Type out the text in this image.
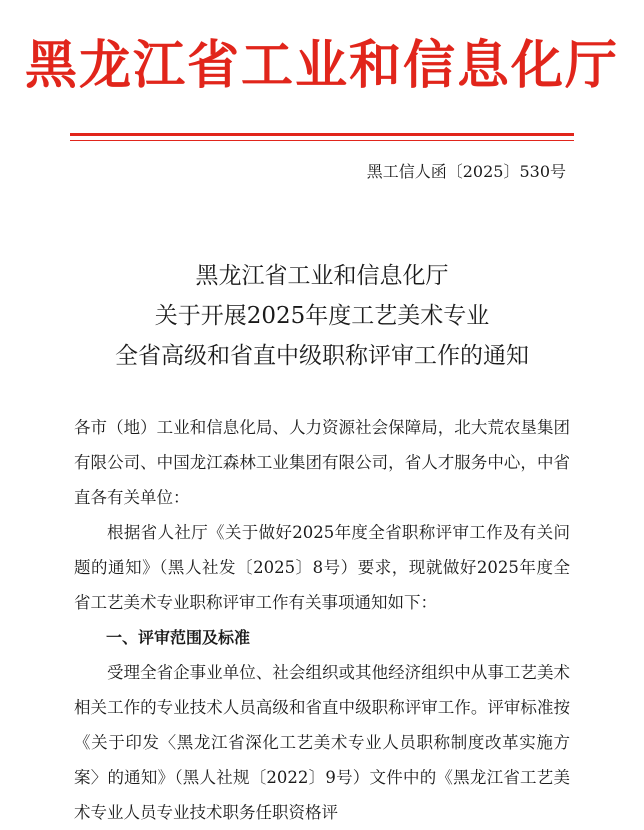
黑龙江省工业和信息化厅
黑工信人函〔2025〕530号
黑龙江省工业和信息化厅
关于开展2025年度工艺美术专业
全省高级和省直中级职称评审工作的通知

各市（地）工业和信息化局、人力资源社会保障局，北大荒农垦集团有限公司、中国龙江森林工业集团有限公司，省人才服务中心，中省直各有关单位：

根据省人社厅《关于做好2025年度全省职称评审工作及有关问题的通知》（黑人社发〔2025〕8号）要求，现就做好2025年度全省工艺美术专业职称评审工作有关事项通知如下：

一、评审范围及标准

受理全省企事业单位、社会组织或其他经济组织中从事工艺美术相关工作的专业技术人员高级和省直中级职称评审工作。评审标准按《关于印发〈黑龙江省深化工艺美术专业人员职称制度改革实施方案〉的通知》（黑人社规〔2022〕9号）文件中的《黑龙江省工艺美术专业人员专业技术职务任职资格评
